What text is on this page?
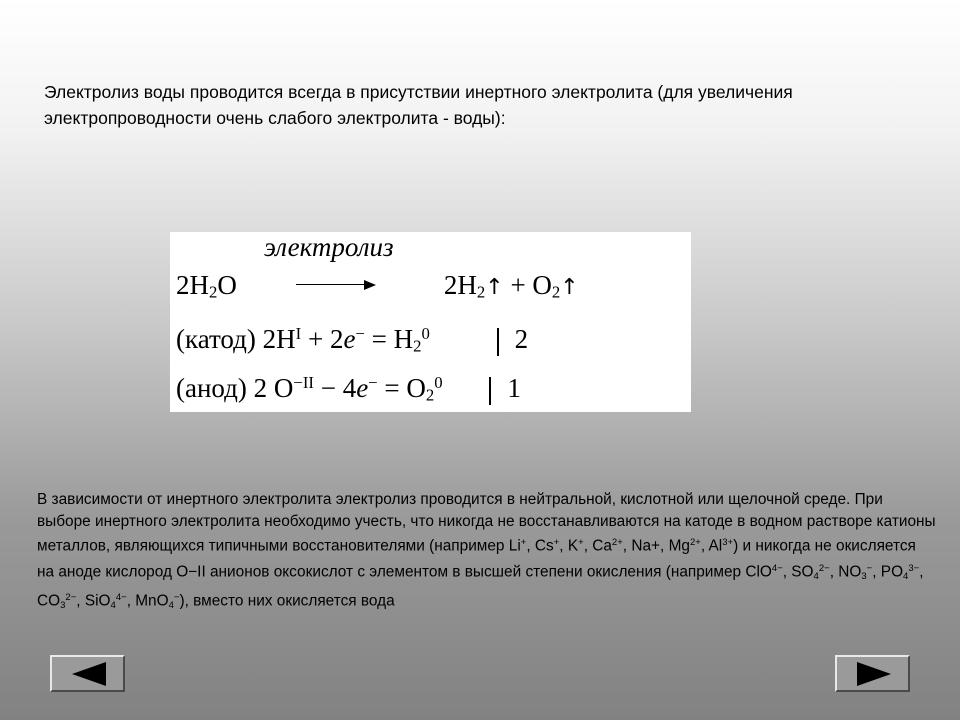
Электролиз воды проводится всегда в присутствии инертного электролита (для увеличения электропроводности очень слабого электролита - воды):

электролиз
$2H_2O$	$2H_2↑$ + $O_2↑$
(катод) $2H^I + 2e^- = H_2^0$	2
(анод) 2 $O^{-II} - 4e^- = O_2^0$ 1

В зависимости от инертного электролита электролиз проводится в нейтральной, кислотной или щелочной среде. При выборе инертного электролита необходимо учесть, что никогда не восстанавливаются на катоде в водном растворе катионы металлов, являющихся типичными восстановителями (например Li+, Cs+, K+, $Ca^{2+}$, Na+, $Mg^{2+}$, $Al^{3+}$) и никогда не окисляется на аноде кислород O−II анионов оксокислот с элементом в высшей степени окисления (например ClO$^{4-}$, $SO_4^{2-}$, $NO_3^-$, $PO_4^{3-}$, $CO_3^{2-}$, SiO$_4^{4-}$, MnO$_4$−), вместо них окисляется вода
